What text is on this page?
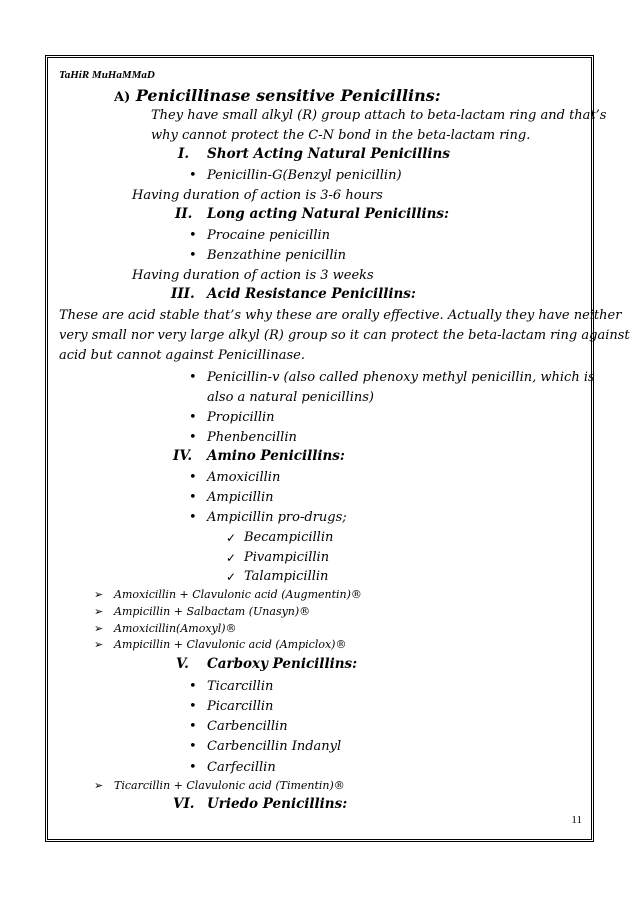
TaHiR MuHaMMaD
A) Penicillinase sensitive Penicillins:
They have small alkyl (R) group attach to beta-lactam ring and that’s
why cannot protect the C-N bond in the beta-lactam ring.
I. Short Acting Natural Penicillins
• Penicillin-G(Benzyl penicillin)
Having duration of action is 3-6 hours
II. Long acting Natural Penicillins:
• Procaine penicillin
• Benzathine penicillin
Having duration of action is 3 weeks
III. Acid Resistance Penicillins:
These are acid stable that’s why these are orally effective. Actually they have neither
very small nor very large alkyl (R) group so it can protect the beta-lactam ring against
acid but cannot against Penicillinase.
• Penicillin-v (also called phenoxy methyl penicillin, which is
also a natural penicillins)
• Propicillin
• Phenbencillin
IV. Amino Penicillins:
• Amoxicillin
• Ampicillin
• Ampicillin pro-drugs;
✓ Becampicillin
✓ Pivampicillin
✓ Talampicillin
➢ Amoxicillin + Clavulonic acid (Augmentin)®
➢ Ampicillin + Salbactam (Unasyn)®
➢ Amoxicillin(Amoxyl)®
➢ Ampicillin + Clavulonic acid (Ampiclox)®
V. Carboxy Penicillins:
• Ticarcillin
• Picarcillin
• Carbencillin
• Carbencillin Indanyl
• Carfecillin
➢ Ticarcillin + Clavulonic acid (Timentin)®
VI. Uriedo Penicillins:
11
